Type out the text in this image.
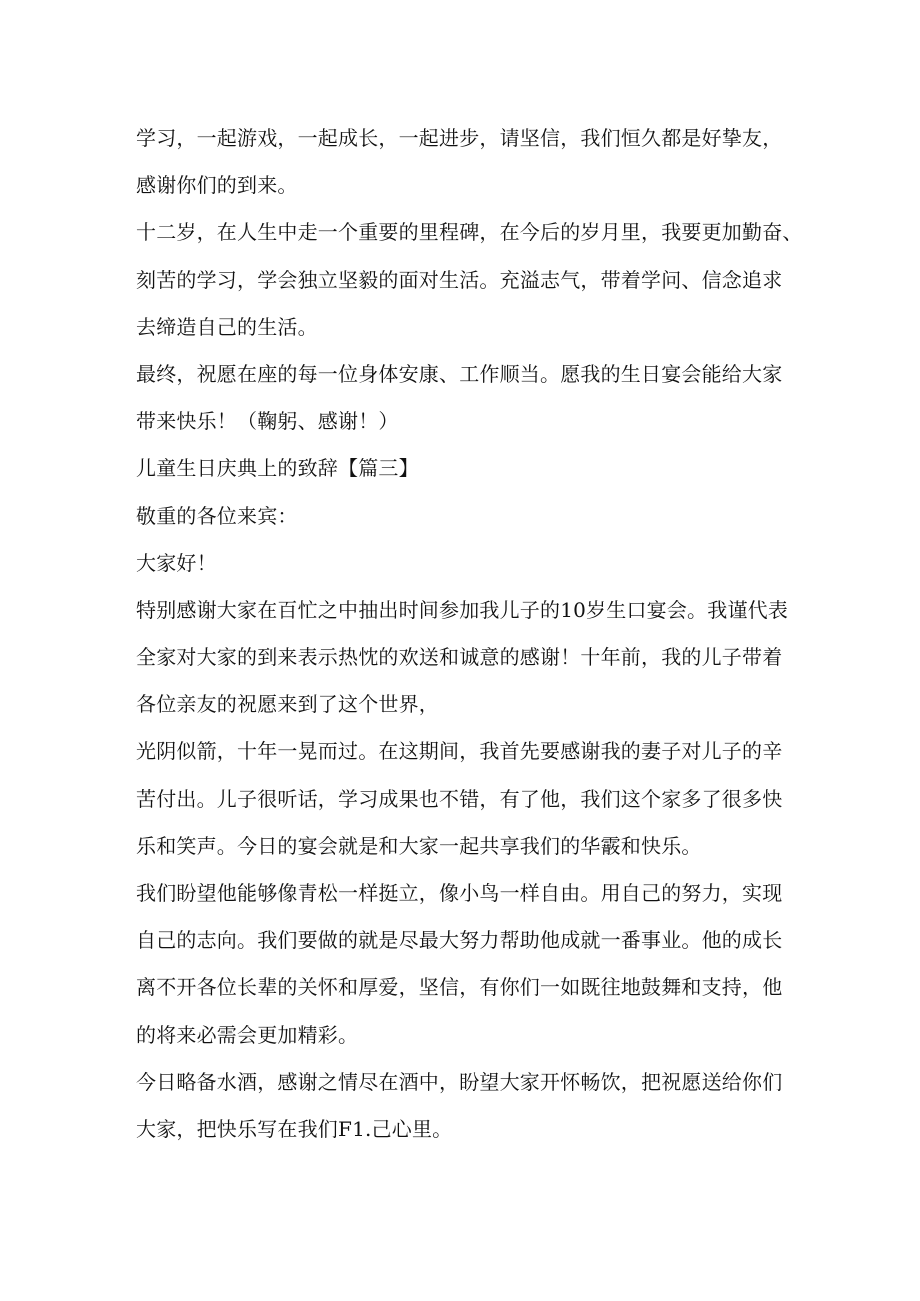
学习，一起游戏，一起成长，一起进步，请坚信，我们恒久都是好挚友，
感谢你们的到来。
十二岁，在人生中走一个重要的里程碑，在今后的岁月里，我要更加勤奋、
刻苦的学习，学会独立坚毅的面对生活。充溢志气，带着学问、信念追求
去缔造自己的生活。
最终，祝愿在座的每一位身体安康、工作顺当。愿我的生日宴会能给大家
带来快乐！（鞠躬、感谢！）
儿童生日庆典上的致辞【篇三】
敬重的各位来宾：
大家好！
特别感谢大家在百忙之中抽出时间参加我儿子的10岁生口宴会。我谨代表
全家对大家的到来表示热忱的欢送和诚意的感谢！十年前，我的儿子带着
各位亲友的祝愿来到了这个世界，
光阴似箭，十年一晃而过。在这期间，我首先要感谢我的妻子对儿子的辛
苦付出。儿子很听话，学习成果也不错，有了他，我们这个家多了很多快
乐和笑声。今日的宴会就是和大家一起共享我们的华霰和快乐。
我们盼望他能够像青松一样挺立，像小鸟一样自由。用自己的努力，实现
自己的志向。我们要做的就是尽最大努力帮助他成就一番事业。他的成长
离不开各位长辈的关怀和厚爱，坚信，有你们一如既往地鼓舞和支持，他
的将来必需会更加精彩。
今日略备水酒，感谢之情尽在酒中，盼望大家开怀畅饮，把祝愿送给你们
大家，把快乐写在我们F1.己心里。
